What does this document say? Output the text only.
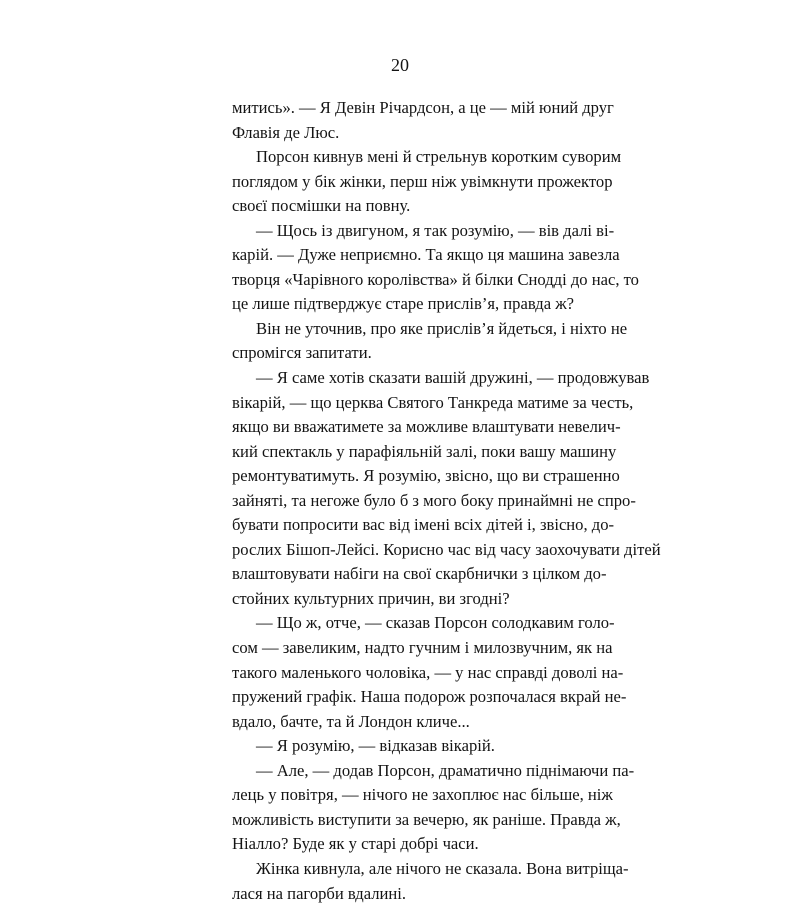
20
митись». — Я Девін Річардсон, а це — мій юний друг
Флавія де Люс.
Порсон кивнув мені й стрельнув коротким суворим
поглядом у бік жінки, перш ніж увімкнути прожектор
своєї посмішки на повну.
— Щось із двигуном, я так розумію, — вів далі ві-
карій. — Дуже неприємно. Та якщо ця машина завезла
творця «Чарівного королівства» й білки Снодді до нас, то
це лише підтверджує старе прислів’я, правда ж?
Він не уточнив, про яке прислів’я йдеться, і ніхто не
спромігся запитати.
— Я саме хотів сказати вашій дружині, — продовжував
вікарій, — що церква Святого Танкреда матиме за честь,
якщо ви вважатимете за можливе влаштувати невелич-
кий спектакль у парафіяльній залі, поки вашу машину
ремонтуватимуть. Я розумію, звісно, що ви страшенно
зайняті, та негоже було б з мого боку принаймні не спро-
бувати попросити вас від імені всіх дітей і, звісно, до-
рослих Бішоп-Лейсі. Корисно час від часу заохочувати дітей
влаштовувати набіги на свої скарбнички з цілком до-
стойних культурних причин, ви згодні?
— Що ж, отче, — сказав Порсон солодкавим голо-
сом — завеликим, надто гучним і милозвучним, як на
такого маленького чоловіка, — у нас справді доволі на-
пружений графік. Наша подорож розпочалася вкрай не-
вдало, бачте, та й Лондон кличе...
— Я розумію, — відказав вікарій.
— Але, — додав Порсон, драматично піднімаючи па-
лець у повітря, — нічого не захоплює нас більше, ніж
можливість виступити за вечерю, як раніше. Правда ж,
Ніалло? Буде як у старі добрі часи.
Жінка кивнула, але нічого не сказала. Вона витріща-
лася на пагорби вдалині.
